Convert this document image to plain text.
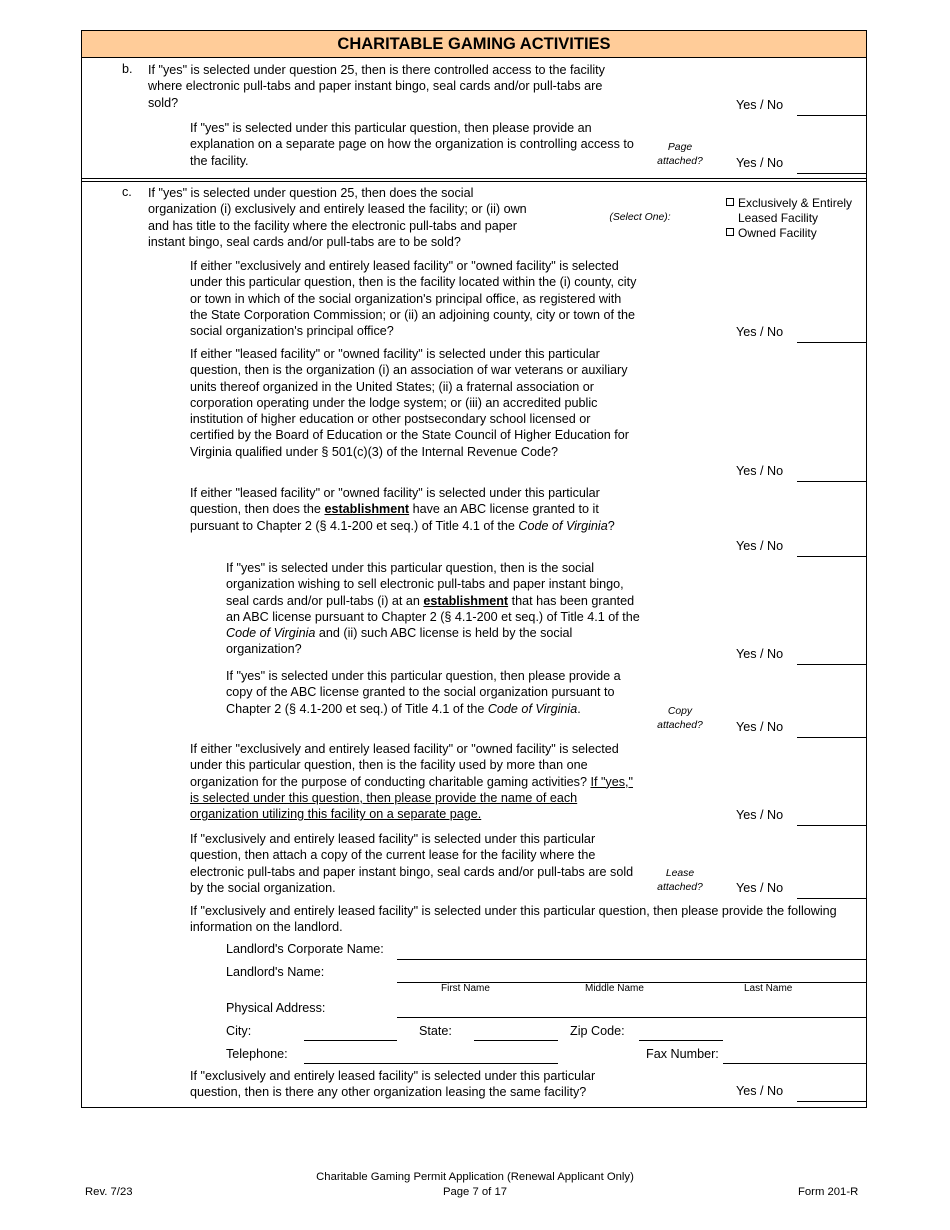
CHARITABLE GAMING ACTIVITIES
b. If "yes" is selected under question 25, then is there controlled access to the facility where electronic pull-tabs and paper instant bingo, seal cards and/or pull-tabs are sold?	Yes / No
If "yes" is selected under this particular question, then please provide an explanation on a separate page on how the organization is controlling access to the facility.
Page attached?	Yes / No
c. If "yes" is selected under question 25, then does the social organization (i) exclusively and entirely leased the facility; or (ii) own and has title to the facility where the electronic pull-tabs and paper instant bingo, seal cards and/or pull-tabs are to be sold?
(Select One):
Exclusively & Entirely Leased Facility
Owned Facility
If either "exclusively and entirely leased facility" or "owned facility" is selected under this particular question, then is the facility located within the (i) county, city or town in which of the social organization's principal office, as registered with the State Corporation Commission; or (ii) an adjoining county, city or town of the social organization's principal office?	Yes / No
If either "leased facility" or "owned facility" is selected under this particular question, then is the organization (i) an association of war veterans or auxiliary units thereof organized in the United States; (ii) a fraternal association or corporation operating under the lodge system; or (iii) an accredited public institution of higher education or other postsecondary school licensed or certified by the Board of Education or the State Council of Higher Education for Virginia qualified under § 501(c)(3) of the Internal Revenue Code?
Yes / No
If either "leased facility" or "owned facility" is selected under this particular question, then does the establishment have an ABC license granted to it pursuant to Chapter 2 (§ 4.1-200 et seq.) of Title 4.1 of the Code of Virginia?
Yes / No
If "yes" is selected under this particular question, then is the social organization wishing to sell electronic pull-tabs and paper instant bingo, seal cards and/or pull-tabs (i) at an establishment that has been granted an ABC license pursuant to Chapter 2 (§ 4.1-200 et seq.) of Title 4.1 of the Code of Virginia and (ii) such ABC license is held by the social organization?	Yes / No
If "yes" is selected under this particular question, then please provide a copy of the ABC license granted to the social organization pursuant to Chapter 2 (§ 4.1-200 et seq.) of Title 4.1 of the Code of Virginia.	Copy attached?	Yes / No
If either "exclusively and entirely leased facility" or "owned facility" is selected under this particular question, then is the facility used by more than one organization for the purpose of conducting charitable gaming activities? If "yes," is selected under this question, then please provide the name of each organization utilizing this facility on a separate page.	Yes / No
If "exclusively and entirely leased facility" is selected under this particular question, then attach a copy of the current lease for the facility where the electronic pull-tabs and paper instant bingo, seal cards and/or pull-tabs are sold by the social organization.
Lease attached?	Yes / No
If "exclusively and entirely leased facility" is selected under this particular question, then please provide the following information on the landlord.
Landlord's Corporate Name:
Landlord's Name:
First Name	Middle Name	Last Name
Physical Address:
City:	State:	Zip Code:
Telephone:	Fax Number:
If "exclusively and entirely leased facility" is selected under this particular question, then is there any other organization leasing the same facility?	Yes / No
Rev. 7/23
Charitable Gaming Permit Application (Renewal Applicant Only)
Page 7 of 17	Form 201-R
